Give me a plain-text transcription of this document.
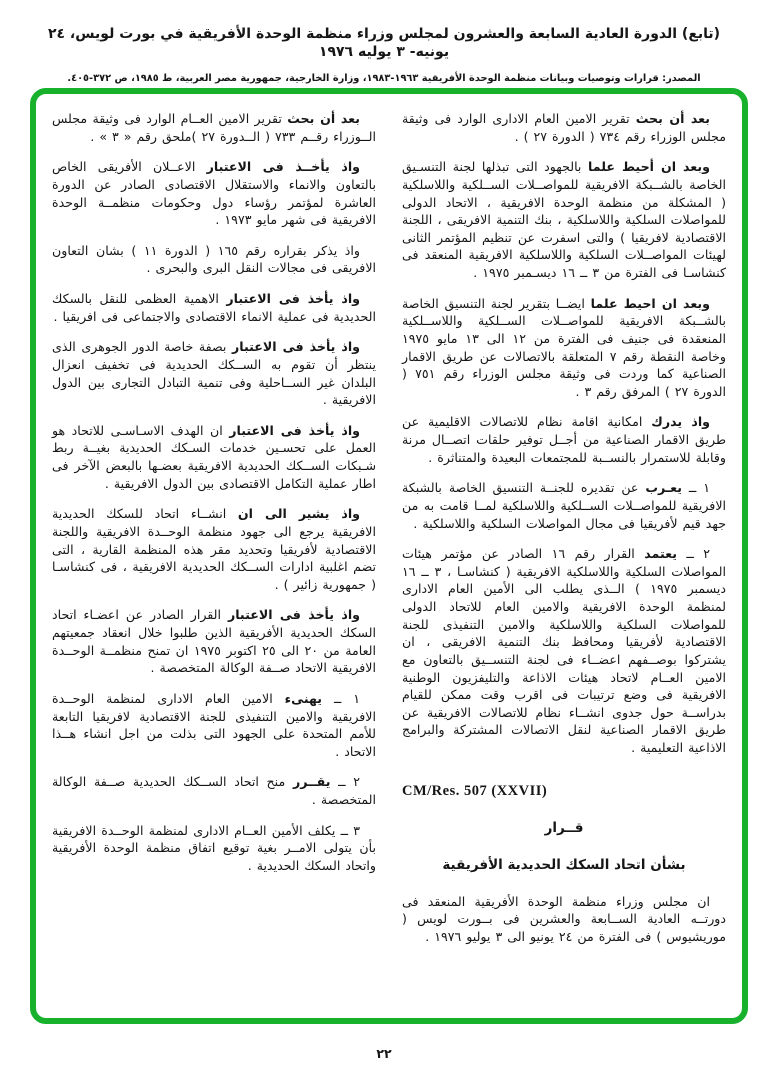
(تابع) الدورة العادية السابعة والعشرون لمجلس وزراء منظمة الوحدة الأفريقية في بورت لويس، ٢٤ يونيه- ٣ يوليه ١٩٧٦
المصدر: قرارات وتوصيات وبيانات منظمة الوحدة الأفريقية ١٩٦٣-١٩٨٣، وزارة الخارجية، جمهورية مصر العربية، ط ١٩٨٥، ص ٣٧٢-٤٠٥.

بعد أن بحث تقرير الامين العام الادارى الوارد فى وثيقة مجلس الوزراء رقم ٧٣٤ ( الدورة ٢٧ ) .

وبعد ان أحيط علما بالجهود التى تبذلها لجنة التنسـيق الخاصة بالشــبكة الافريقية للمواصــلات الســلكية واللاسلكية ( المشكلة من منظمة الوحدة الافريقية ، الاتحاد الدولى للمواصلات السلكية واللاسلكية ، بنك التنمية الافريقى ، اللجنة الاقتصادية لافريقيا ) والتى اسفرت عن تنظيم المؤتمر الثانى لهيئات المواصــلات السلكية واللاسلكية الافريقية المنعقد فى كنشاسـا فى الفترة من ٣ ــ ١٦ ديسـمبر ١٩٧٥ .

وبعد ان احيط علما ايضــا بتقرير لجنة التنسيق الخاصة بالشــبكة الافريقية للمواصــلات الســلكية واللاســلكية المنعقدة فى جنيف فى الفترة من ١٢ الى ١٣ مايو ١٩٧٥ وخاصة النقطة رقم ٧ المتعلقة بالاتصالات عن طريق الاقمار الصناعية كما وردت فى وثيقة مجلس الوزراء رقم ٧٥١ ( الدورة ٢٧ ) المرفق رقم ٣ .

واذ يدرك امكانية اقامة نظام للاتصالات الاقليمية عن طريق الاقمار الصناعية من أجــل توفير حلقات اتصــال مرنة وقابلة للاستمرار بالنســبة للمجتمعات البعيدة والمتناثرة .

١ ــ يعـرب عن تقديره للجنــة التنسيق الخاصة بالشبكة الافريقية للمواصــلات الســلكية واللاسلكية لمــا قامت به من جهد قيم لأفريقيا فى مجال المواصلات السلكية واللاسلكية .

٢ ــ يعتمد القرار رقم ١٦ الصادر عن مؤتمر هيئات المواصلات السلكية واللاسلكية الافريقية ( كنشاسـا ، ٣ ــ ١٦ ديسمبر ١٩٧٥ ) الــذى يطلب الى الأمين العام الادارى لمنظمة الوحدة الافريقية والامين العام للاتحاد الدولى للمواصلات السلكية واللاسلكية والامين التنفيذى للجنة الاقتصادية لأفريقيا ومحافظ بنك التنمية الافريقى ، ان يشتركوا بوصــفهم اعضــاء فى لجنة التنســيق بالتعاون مع الامين العــام لاتحاد هيئات الاذاعة والتليفزيون الوطنية الافريقية فى وضع ترتيبات فى اقرب وقت ممكن للقيام بدراســة حول جدوى انشــاء نظام للاتصالات الافريقية عن طريق الاقمار الصناعية لنقل الاتصالات المشتركة والبرامج الاذاعية التعليمية .

CM/Res. 507 (XXVII)
قــرار
بشأن اتحاد السكك الحديدية الأفريقية

ان مجلس وزراء منظمة الوحدة الأفريقية المنعقد فى دورتــه العادية الســابعة والعشرين فى بــورت لويس ( موريشيوس ) فى الفترة من ٢٤ يونيو الى ٣ يوليو ١٩٧٦ .

بعد أن بحث تقرير الامين العــام الوارد فى وثيقة مجلس الــوزراء رقــم ٧٣٣ ( الــدورة ٢٧ )ملحق رقم « ٣ » .

واذ يأخــذ فى الاعتبار الاعــلان الأفريقى الخاص بالتعاون والانماء والاستقلال الاقتصادى الصادر عن الدورة العاشرة لمؤتمر رؤساء دول وحكومات منظمــة الوحدة الافريقية فى شهر مايو ١٩٧٣ .

واذ يذكر بقراره رقم ١٦٥ ( الدورة ١١ ) بشان التعاون الافريقى فى مجالات النقل البرى والبحرى .

واذ يأخذ فى الاعتبار الاهمية العظمى للنقل بالسكك الحديدية فى عملية الانماء الاقتصادى والاجتماعى فى افريقيا .

واذ يأخذ فى الاعتبار بصفة خاصة الدور الجوهرى الذى ينتظر أن تقوم به الســكك الحديدية فى تخفيف انعزال البلدان غير الســاحلية وفى تنمية التبادل التجارى بين الدول الافريقية .

واذ يأخذ فى الاعتبار ان الهدف الاسـاسـى للاتحاد هو العمل على تحسـين خدمات السـكك الحديدية بغيــة ربط شـبكات الســكك الحديدية الافريقية بعضـها بالبعض الآخر فى اطار عملية التكامل الاقتصادى بين الدول الافريقية .

واذ يشير الى ان انشــاء اتحاد للسكك الحديدية الافريقية يرجع الى جهود منظمة الوحــدة الافريقية واللجنة الاقتصادية لأفريقيا وتحديد مقر هذه المنظمة القارية ، التى تضم اغلبية ادارات الســكك الحديدية الافريقية ، فى كنشاسـا ( جمهورية زائير ) .

واذ يأخذ فى الاعتبار القرار الصادر عن اعضـاء اتحاد السكك الحديدية الأفريقية الذين طلبوا خلال انعقاد جمعيتهم العامة من ٢٠ الى ٢٥ اكتوبر ١٩٧٥ ان تمنح منظمــة الوحــدة الافريقية الاتحاد صــفة الوكالة المتخصصة .

١ ــ يهنىء الامين العام الادارى لمنظمة الوحــدة الافريقية والامين التنفيذى للجنة الاقتصادية لافريقيا التابعة للأمم المتحدة على الجهود التى بذلت من اجل انشاء هــذا الاتحاد .

٢ ــ يقــرر منح اتحاد الســكك الحديدية صــفة الوكالة المتخصصة .

٣ ــ يكلف الأمين العــام الادارى لمنظمة الوحــدة الافريقية بأن يتولى الامــر بغية توقيع اتفاق منظمة الوحدة الأفريقية واتحاد السكك الحديدية .

٢٢
